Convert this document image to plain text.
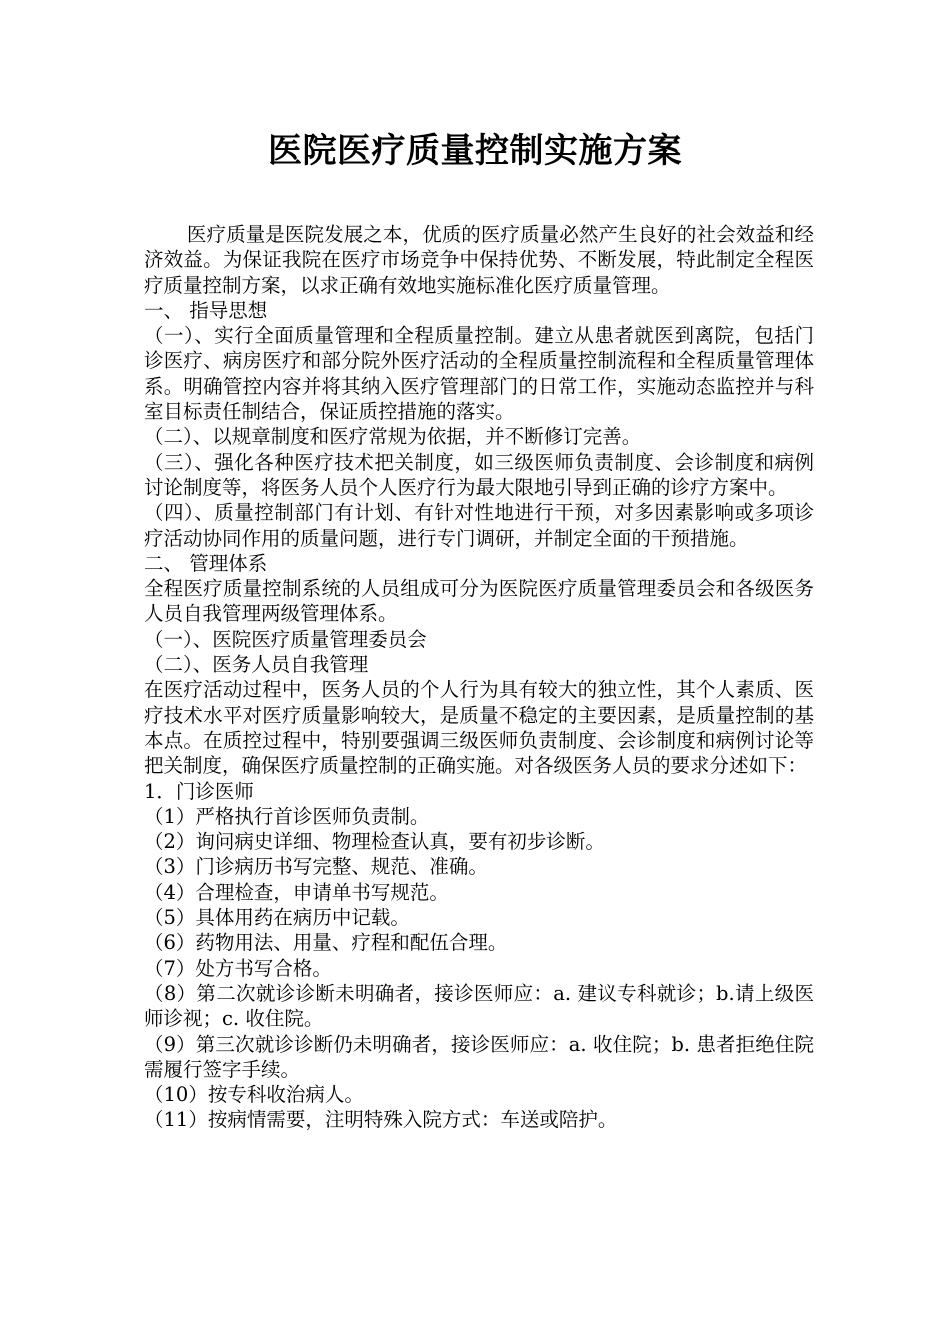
医院医疗质量控制实施方案

医疗质量是医院发展之本，优质的医疗质量必然产生良好的社会效益和经济效益。为保证我院在医疗市场竞争中保持优势、不断发展，特此制定全程医疗质量控制方案，以求正确有效地实施标准化医疗质量管理。

一、 指导思想

（一）、实行全面质量管理和全程质量控制。建立从患者就医到离院，包括门诊医疗、病房医疗和部分院外医疗活动的全程质量控制流程和全程质量管理体系。明确管控内容并将其纳入医疗管理部门的日常工作，实施动态监控并与科室目标责任制结合，保证质控措施的落实。

（二）、以规章制度和医疗常规为依据，并不断修订完善。

（三）、强化各种医疗技术把关制度，如三级医师负责制度、会诊制度和病例讨论制度等，将医务人员个人医疗行为最大限地引导到正确的诊疗方案中。

（四）、质量控制部门有计划、有针对性地进行干预，对多因素影响或多项诊疗活动协同作用的质量问题，进行专门调研，并制定全面的干预措施。

二、 管理体系

全程医疗质量控制系统的人员组成可分为医院医疗质量管理委员会和各级医务人员自我管理两级管理体系。

（一）、医院医疗质量管理委员会

（二）、医务人员自我管理

在医疗活动过程中，医务人员的个人行为具有较大的独立性，其个人素质、医疗技术水平对医疗质量影响较大，是质量不稳定的主要因素，是质量控制的基本点。在质控过程中，特别要强调三级医师负责制度、会诊制度和病例讨论等把关制度，确保医疗质量控制的正确实施。对各级医务人员的要求分述如下：

1．门诊医师

（1）严格执行首诊医师负责制。

（2）询问病史详细、物理检查认真，要有初步诊断。

（3）门诊病历书写完整、规范、准确。

（4）合理检查，申请单书写规范。

（5）具体用药在病历中记载。

（6）药物用法、用量、疗程和配伍合理。

（7）处方书写合格。

（8）第二次就诊诊断未明确者，接诊医师应：a. 建议专科就诊；b.请上级医师诊视；c. 收住院。

（9）第三次就诊诊断仍未明确者，接诊医师应：a. 收住院；b. 患者拒绝住院需履行签字手续。

（10）按专科收治病人。

（11）按病情需要，注明特殊入院方式：车送或陪护。
